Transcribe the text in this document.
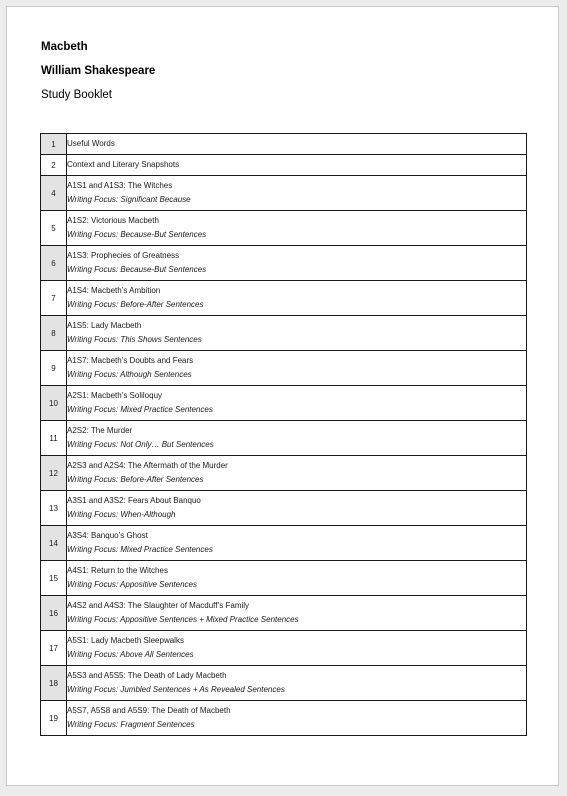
Macbeth
William Shakespeare
Study Booklet
1	Useful Words

2	Context and Literary Snapshots

4	A1S1 and A1S3: The Witches
Writing Focus: Significant Because

5	A1S2: Victorious Macbeth
Writing Focus: Because-But Sentences

6	A1S3: Prophecies of Greatness
Writing Focus: Because-But Sentences

7	A1S4: Macbeth’s Ambition
Writing Focus: Before-After Sentences

8	A1S5: Lady Macbeth
Writing Focus: This Shows Sentences

9	A1S7: Macbeth’s Doubts and Fears
Writing Focus: Although Sentences

10	A2S1: Macbeth’s Soliloquy
Writing Focus: Mixed Practice Sentences

11	A2S2: The Murder
Writing Focus: Not Only… But Sentences

12	A2S3 and A2S4: The Aftermath of the Murder
Writing Focus: Before-After Sentences

13	A3S1 and A3S2: Fears About Banquo
Writing Focus: When-Although

14	A3S4: Banquo’s Ghost
Writing Focus: Mixed Practice Sentences

15	A4S1: Return to the Witches
Writing Focus: Appositive Sentences

16	A4S2 and A4S3: The Slaughter of Macduff’s Family
Writing Focus: Appositive Sentences + Mixed Practice Sentences

17	A5S1: Lady Macbeth Sleepwalks
Writing Focus: Above All Sentences

18	A5S3 and A5S5: The Death of Lady Macbeth
Writing Focus: Jumbled Sentences + As Revealed Sentences

19	A5S7, A5S8 and A5S9: The Death of Macbeth
Writing Focus: Fragment Sentences
